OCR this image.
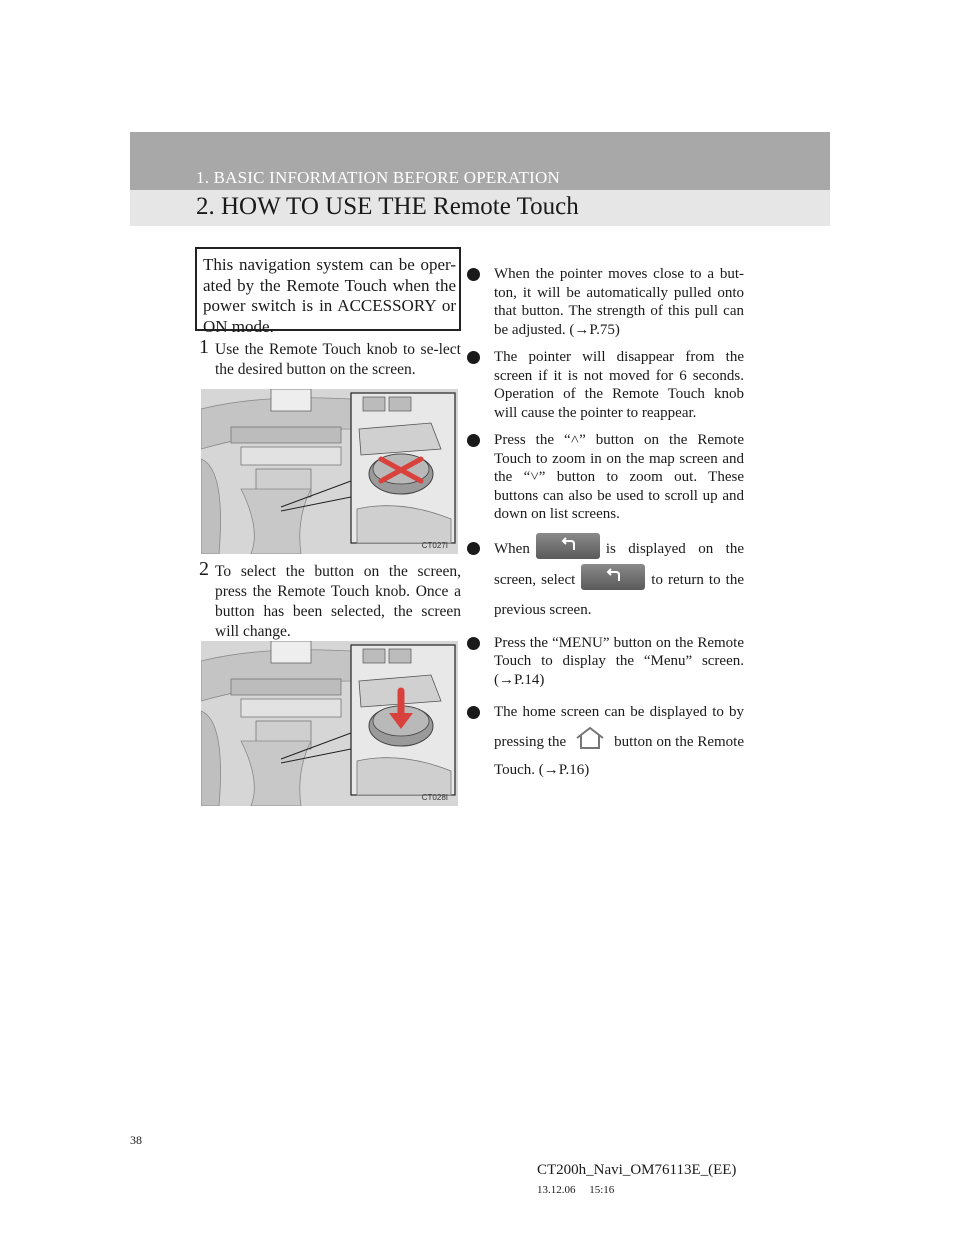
1. BASIC INFORMATION BEFORE OPERATION
2. HOW TO USE THE Remote Touch
This navigation system can be oper-ated by the Remote Touch when the power switch is in ACCESSORY or ON mode.
1 Use the Remote Touch knob to se-lect the desired button on the screen.
CT027I
2 To select the button on the screen, press the Remote Touch knob. Once a button has been selected, the screen will change.
CT028I
When the pointer moves close to a but-ton, it will be automatically pulled onto that button. The strength of this pull can be adjusted. (→P.75)
The pointer will disappear from the screen if it is not moved for 6 seconds. Operation of the Remote Touch knob will cause the pointer to reappear.
Press the “˄” button on the Remote Touch to zoom in on the map screen and the “˅” button to zoom out. These buttons can also be used to scroll up and down on list screens.
When	is displayed on the screen, select	to return to the previous screen.
Press the “MENU” button on the Remote Touch to display the “Menu” screen. (→P.14)
The home screen can be displayed to by pressing the	button on the Remote Touch. (→P.16)
38
CT200h_Navi_OM76113E_(EE)
13.12.06     15:16
